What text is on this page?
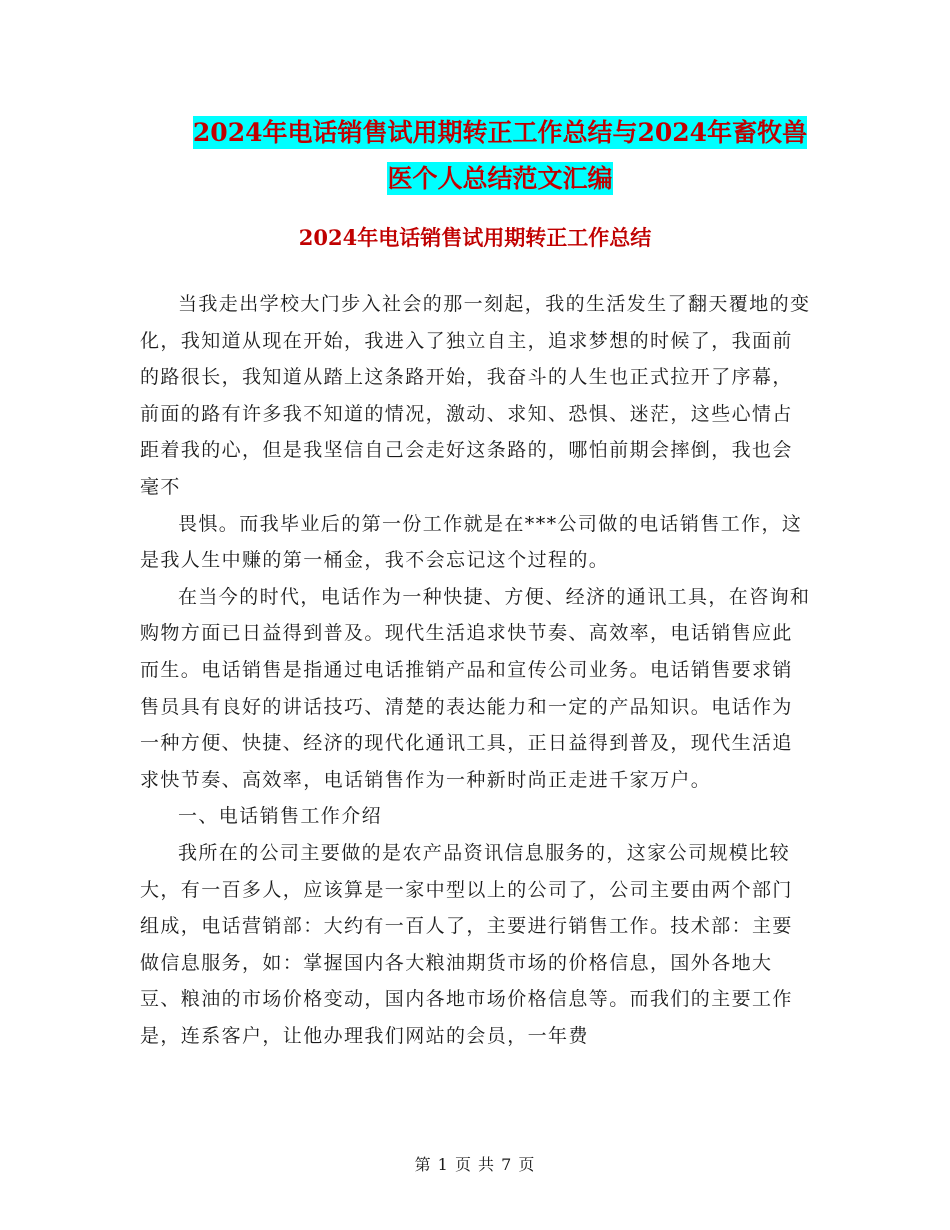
2024年电话销售试用期转正工作总结与2024年畜牧兽
医个人总结范文汇编
2024年电话销售试用期转正工作总结

当我走出学校大门步入社会的那一刻起，我的生活发生了翻天覆地的变化，我知道从现在开始，我进入了独立自主，追求梦想的时候了，我面前的路很长，我知道从踏上这条路开始，我奋斗的人生也正式拉开了序幕，前面的路有许多我不知道的情况，激动、求知、恐惧、迷茫，这些心情占距着我的心，但是我坚信自己会走好这条路的，哪怕前期会摔倒，我也会毫不

畏惧。而我毕业后的第一份工作就是在***公司做的电话销售工作，这是我人生中赚的第一桶金，我不会忘记这个过程的。

在当今的时代，电话作为一种快捷、方便、经济的通讯工具，在咨询和购物方面已日益得到普及。现代生活追求快节奏、高效率，电话销售应此而生。电话销售是指通过电话推销产品和宣传公司业务。电话销售要求销售员具有良好的讲话技巧、清楚的表达能力和一定的产品知识。电话作为一种方便、快捷、经济的现代化通讯工具，正日益得到普及，现代生活追求快节奏、高效率，电话销售作为一种新时尚正走进千家万户。

一、电话销售工作介绍

我所在的公司主要做的是农产品资讯信息服务的，这家公司规模比较大，有一百多人，应该算是一家中型以上的公司了，公司主要由两个部门组成，电话营销部：大约有一百人了，主要进行销售工作。技术部：主要做信息服务，如：掌握国内各大粮油期货市场的价格信息，国外各地大豆、粮油的市场价格变动，国内各地市场价格信息等。而我们的主要工作是，连系客户，让他办理我们网站的会员，一年费

第 1 页 共 7 页
